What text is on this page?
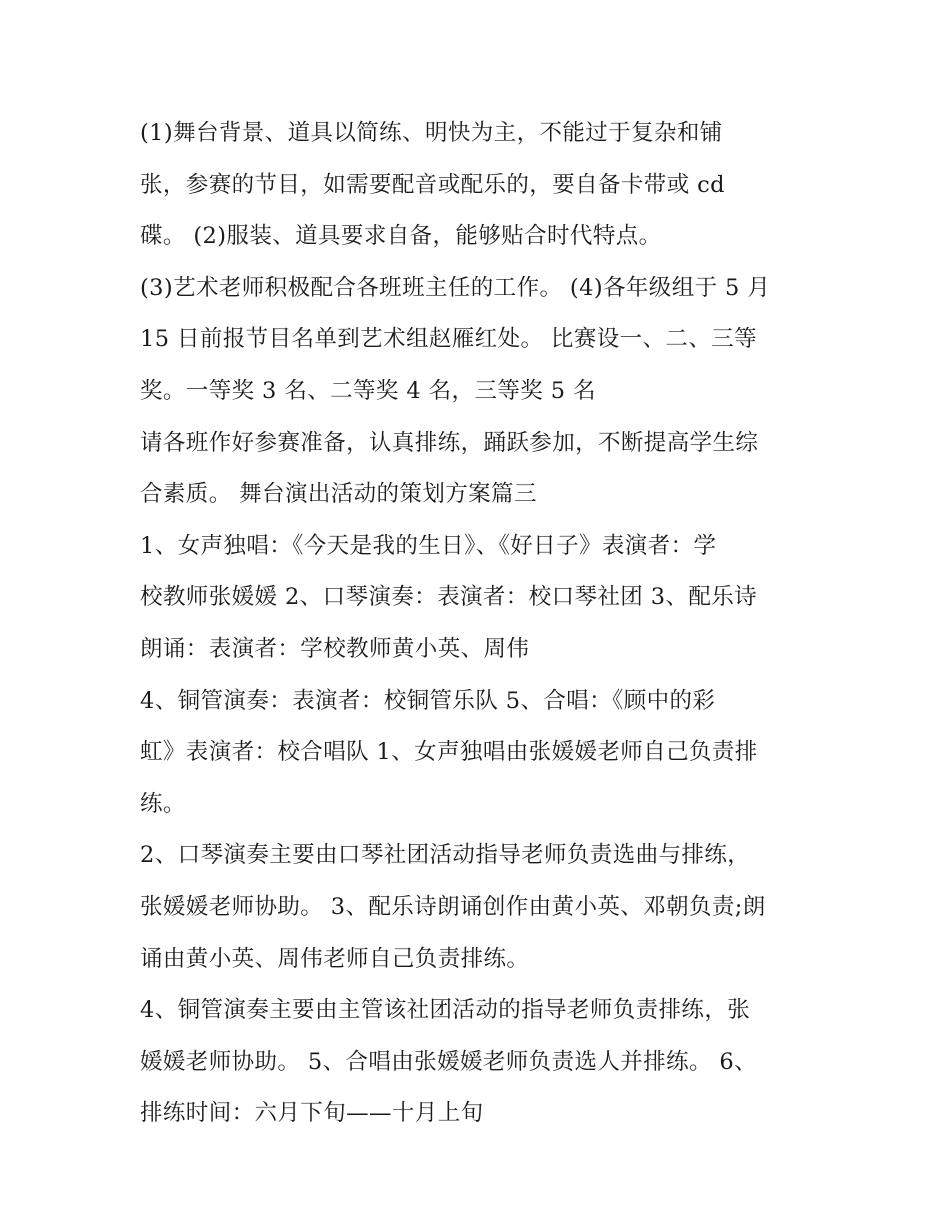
(1)舞台背景、道具以简练、明快为主，不能过于复杂和铺
张，参赛的节目，如需要配音或配乐的，要自备卡带或 cd
碟。 (2)服装、道具要求自备，能够贴合时代特点。
(3)艺术老师积极配合各班班主任的工作。 (4)各年级组于 5 月
15 日前报节目名单到艺术组赵雁红处。 比赛设一、二、三等
奖。一等奖 3 名、二等奖 4 名，三等奖 5 名
请各班作好参赛准备，认真排练，踊跃参加，不断提高学生综
合素质。 舞台演出活动的策划方案篇三
1、女声独唱：《今天是我的生日》、《好日子》表演者：学
校教师张媛媛 2、口琴演奏：表演者：校口琴社团 3、配乐诗
朗诵：表演者：学校教师黄小英、周伟
4、铜管演奏：表演者：校铜管乐队 5、合唱：《顾中的彩
虹》表演者：校合唱队 1、女声独唱由张媛媛老师自己负责排
练。
2、口琴演奏主要由口琴社团活动指导老师负责选曲与排练，
张媛媛老师协助。 3、配乐诗朗诵创作由黄小英、邓朝负责;朗
诵由黄小英、周伟老师自己负责排练。
4、铜管演奏主要由主管该社团活动的指导老师负责排练，张
媛媛老师协助。 5、合唱由张媛媛老师负责选人并排练。 6、
排练时间：六月下旬——十月上旬
